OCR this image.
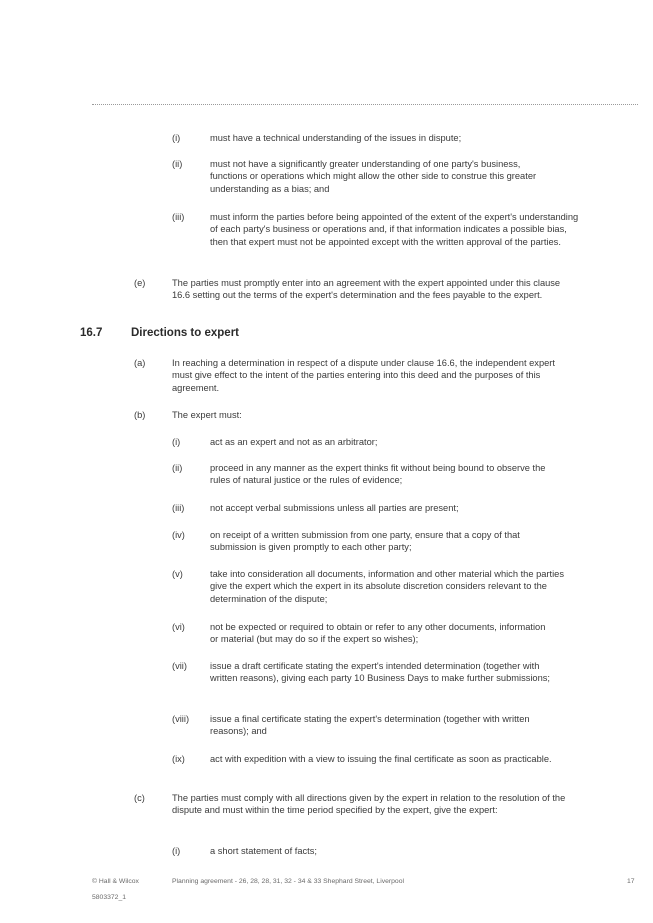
(i)	must have a technical understanding of the issues in dispute;
(ii)	must not have a significantly greater understanding of one party's business, functions or operations which might allow the other side to construe this greater understanding as a bias; and
(iii)	must inform the parties before being appointed of the extent of the expert's understanding of each party's business or operations and, if that information indicates a possible bias, then that expert must not be appointed except with the written approval of the parties.
(e)	The parties must promptly enter into an agreement with the expert appointed under this clause 16.6 setting out the terms of the expert's determination and the fees payable to the expert.
16.7 Directions to expert
(a)	In reaching a determination in respect of a dispute under clause 16.6, the independent expert must give effect to the intent of the parties entering into this deed and the purposes of this agreement.
(b)	The expert must:
(i)	act as an expert and not as an arbitrator;
(ii)	proceed in any manner as the expert thinks fit without being bound to observe the rules of natural justice or the rules of evidence;
(iii)	not accept verbal submissions unless all parties are present;
(iv)	on receipt of a written submission from one party, ensure that a copy of that submission is given promptly to each other party;
(v)	take into consideration all documents, information and other material which the parties give the expert which the expert in its absolute discretion considers relevant to the determination of the dispute;
(vi)	not be expected or required to obtain or refer to any other documents, information or material (but may do so if the expert so wishes);
(vii) issue a draft certificate stating the expert's intended determination (together with written reasons), giving each party 10 Business Days to make further submissions;
(viii) issue a final certificate stating the expert's determination (together with written reasons); and
(ix)	act with expedition with a view to issuing the final certificate as soon as practicable.
(c)	The parties must comply with all directions given by the expert in relation to the resolution of the dispute and must within the time period specified by the expert, give the expert:
(i)	a short statement of facts;
© Hall & Wilcox	Planning agreement - 26, 28, 28, 31, 32 - 34 & 33 Shephard Street, Liverpool	17
5803372_1
